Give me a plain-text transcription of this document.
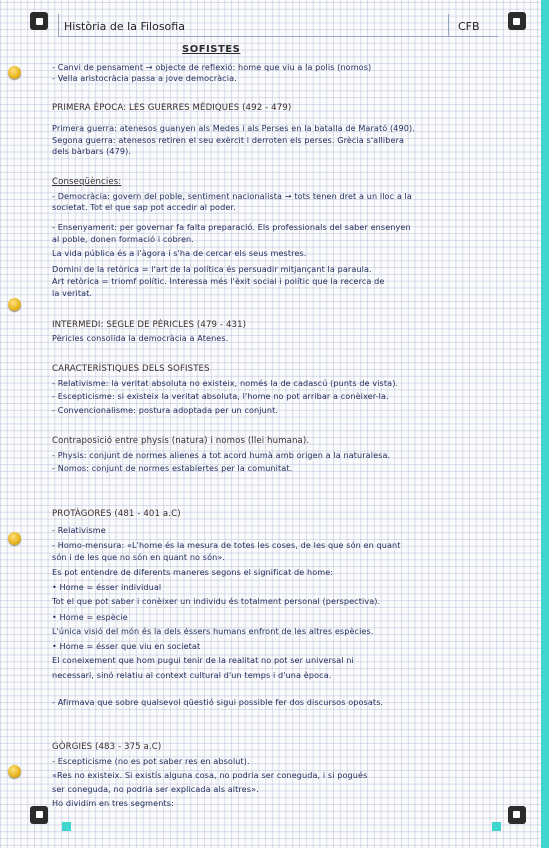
Història de la Filosofia	CFB
SOFISTES
- Canvi de pensament → objecte de reflexió: home que viu a la polis (nomos)
- Vella aristocràcia passa a jove democràcia.
PRIMERA ÈPOCA: LES GUERRES MÈDIQUES (492 - 479)
Primera guerra: atenesos guanyen als Medes i als Perses en la batalla de Marató (490).
Segona guerra: atenesos retiren el seu exèrcit i derroten els perses. Grècia s'allibera
dels bàrbars (479).
Conseqüències:
- Democràcia: govern del poble, sentiment nacionalista → tots tenen dret a un lloc a la
societat. Tot el que sap pot accedir al poder.
- Ensenyament: per governar fa falta preparació. Els professionals del saber ensenyen
al poble, donen formació i cobren.
La vida pública és a l'àgora i s'ha de cercar els seus mestres.
Domini de la retòrica = l'art de la política és persuadir mitjançant la paraula.
Art retòrica = triomf polític. Interessa més l'èxit social i polític que la recerca de
la veritat.
INTERMEDI: SEGLE DE PÈRICLES (479 - 431)
Pèricles consolida la democràcia a Atenes.
CARACTERÍSTIQUES DELS SOFISTES
- Relativisme: la veritat absoluta no existeix, només la de cadascú (punts de vista).
- Escepticisme: si existeix la veritat absoluta, l'home no pot arribar a conèixer-la.
- Convencionalisme: postura adoptada per un conjunt.
Contraposició entre physis (natura) i nomos (llei humana).
- Physis: conjunt de normes alienes a tot acord humà amb origen a la naturalesa.
- Nomos: conjunt de normes establertes per la comunitat.
PROTÀGORES (481 - 401 a.C)
- Relativisme
- Homo-mensura: «L'home és la mesura de totes les coses, de les que són en quant
són i de les que no són en quant no són».
Es pot entendre de diferents maneres segons el significat de home:
• Home = ésser individual
Tot el que pot saber i conèixer un individu és totalment personal (perspectiva).
• Home = espècie
L'única visió del món és la dels éssers humans enfront de les altres espècies.
• Home = ésser que viu en societat
El coneixement que hom pugui tenir de la realitat no pot ser universal ni
necessari, sinó relatiu al context cultural d'un temps i d'una època.
- Afirmava que sobre qualsevol qüestió sigui possible fer dos discursos oposats.
GÒRGIES (483 - 375 a.C)
- Escepticisme (no es pot saber res en absolut).
«Res no existeix. Si existís alguna cosa, no podria ser coneguda, i si pogués
ser coneguda, no podria ser explicada als altres».
Ho dividim en tres segments:
